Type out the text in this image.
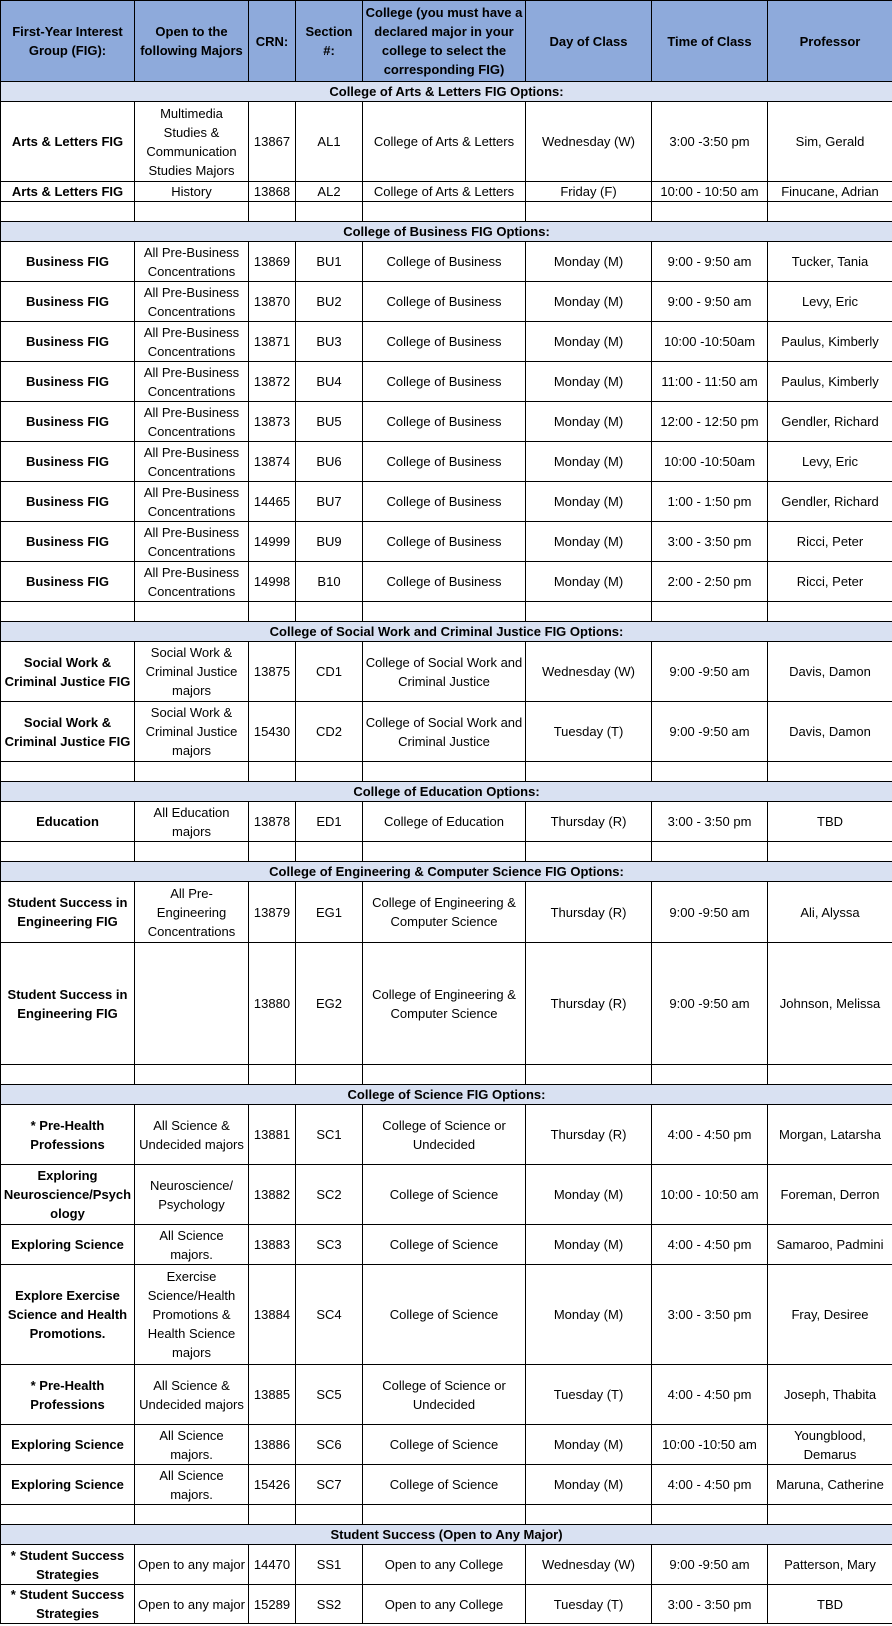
First-Year Interest Group (FIG):	Open to the following Majors	CRN:	Section #:	College (you must have a declared major in your college to select the corresponding FIG)	Day of Class	Time of Class	Professor
College of Arts & Letters FIG Options:							
Arts & Letters FIG	Multimedia Studies & Communication Studies Majors	13867	AL1	College of Arts & Letters	Wednesday (W)	3:00 -3:50 pm	Sim, Gerald
Arts & Letters FIG	History	13868	AL2	College of Arts & Letters	Friday (F)	10:00 - 10:50 am	Finucane, Adrian

College of Business FIG Options:							
Business FIG	All Pre-Business Concentrations	13869	BU1	College of Business	Monday (M)	9:00 - 9:50 am	Tucker, Tania
Business FIG	All Pre-Business Concentrations	13870	BU2	College of Business	Monday (M)	9:00 - 9:50 am	Levy, Eric
Business FIG	All Pre-Business Concentrations	13871	BU3	College of Business	Monday (M)	10:00 -10:50am	Paulus, Kimberly
Business FIG	All Pre-Business Concentrations	13872	BU4	College of Business	Monday (M)	11:00 - 11:50 am	Paulus, Kimberly
Business FIG	All Pre-Business Concentrations	13873	BU5	College of Business	Monday (M)	12:00 - 12:50 pm	Gendler, Richard
Business FIG	All Pre-Business Concentrations	13874	BU6	College of Business	Monday (M)	10:00 -10:50am	Levy, Eric
Business FIG	All Pre-Business Concentrations	14465	BU7	College of Business	Monday (M)	1:00 - 1:50 pm	Gendler, Richard
Business FIG	All Pre-Business Concentrations	14999	BU9	College of Business	Monday (M)	3:00 - 3:50 pm	Ricci, Peter
Business FIG	All Pre-Business Concentrations	14998	B10	College of Business	Monday (M)	2:00 - 2:50 pm	Ricci, Peter

College of Social Work and Criminal Justice FIG Options:							
Social Work & Criminal Justice FIG	Social Work & Criminal Justice majors	13875	CD1	College of Social Work and Criminal Justice	Wednesday (W)	9:00 -9:50 am	Davis, Damon
Social Work & Criminal Justice FIG	Social Work & Criminal Justice majors	15430	CD2	College of Social Work and Criminal Justice	Tuesday (T)	9:00 -9:50 am	Davis, Damon

College of Education Options:							
Education	All Education majors	13878	ED1	College of Education	Thursday (R)	3:00 - 3:50 pm	TBD

College of Engineering & Computer Science FIG Options:							
Student Success in Engineering FIG	All Pre-Engineering Concentrations	13879	EG1	College of Engineering & Computer Science	Thursday (R)	9:00 -9:50 am	Ali, Alyssa
Student Success in Engineering FIG		13880	EG2	College of Engineering & Computer Science	Thursday (R)	9:00 -9:50 am	Johnson, Melissa

College of Science FIG Options:							
* Pre-Health Professions	All Science & Undecided majors	13881	SC1	College of Science or Undecided	Thursday (R)	4:00 - 4:50 pm	Morgan, Latarsha
Exploring Neuroscience/Psychology	Neuroscience/ Psychology	13882	SC2	College of Science	Monday (M)	10:00 - 10:50 am	Foreman, Derron
Exploring Science	All Science majors.	13883	SC3	College of Science	Monday (M)	4:00 - 4:50 pm	Samaroo, Padmini
Explore Exercise Science and Health Promotions.	Exercise Science/Health Promotions & Health Science majors	13884	SC4	College of Science	Monday (M)	3:00 - 3:50 pm	Fray, Desiree
* Pre-Health Professions	All Science & Undecided majors	13885	SC5	College of Science or Undecided	Tuesday (T)	4:00 - 4:50 pm	Joseph, Thabita
Exploring Science	All Science majors.	13886	SC6	College of Science	Monday (M)	10:00 -10:50 am	Youngblood, Demarus
Exploring Science	All Science majors.	15426	SC7	College of Science	Monday (M)	4:00 - 4:50 pm	Maruna, Catherine

Student Success (Open to Any Major)							
* Student Success Strategies	Open to any major	14470	SS1	Open to any College	Wednesday (W)	9:00 -9:50 am	Patterson, Mary
* Student Success Strategies	Open to any major	15289	SS2	Open to any College	Tuesday (T)	3:00 - 3:50 pm	TBD
